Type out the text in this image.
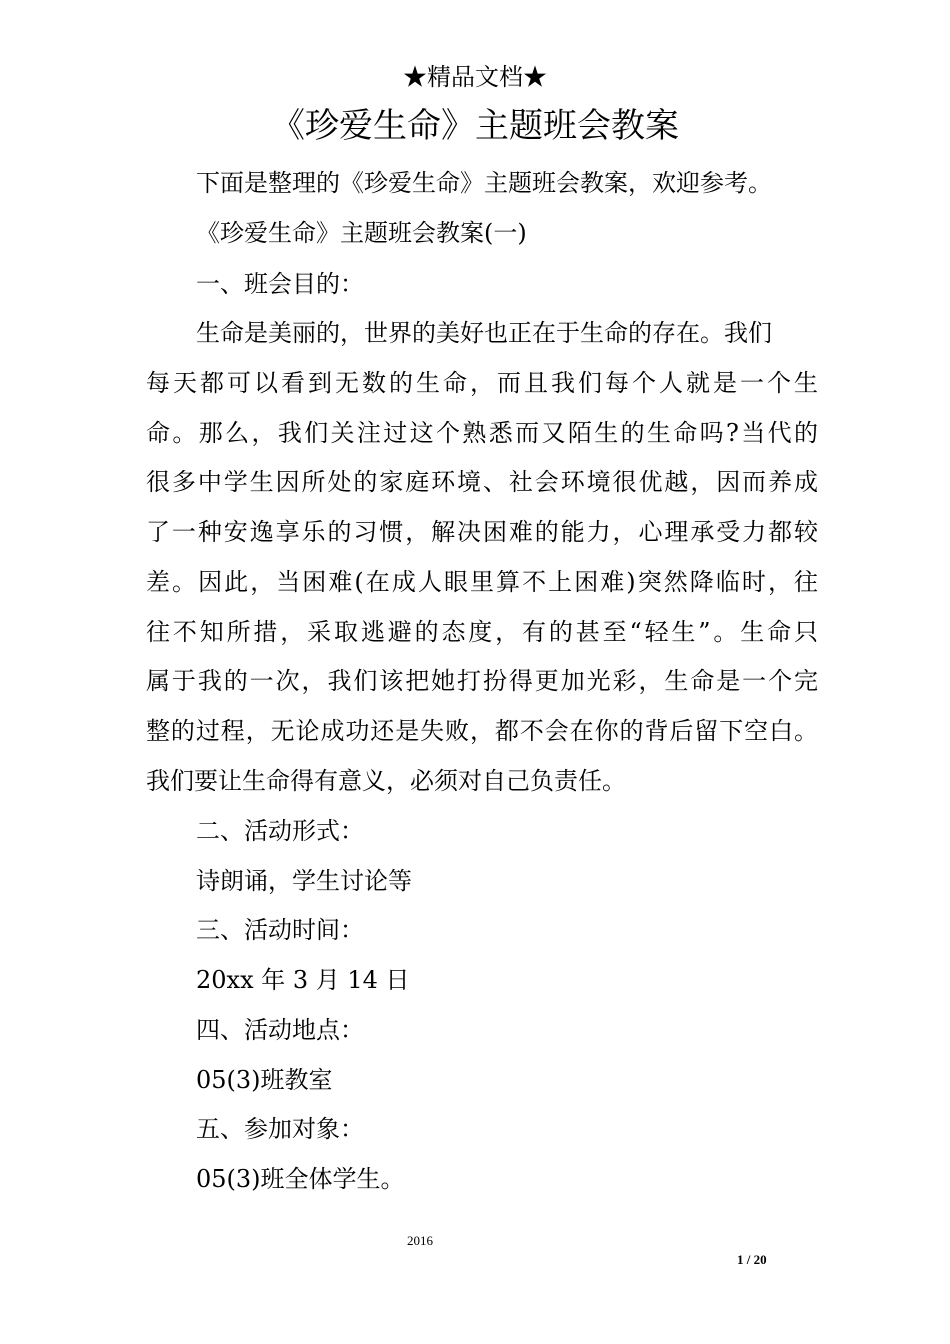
★精品文档★
《珍爱生命》主题班会教案
下面是整理的《珍爱生命》主题班会教案，欢迎参考。
《珍爱生命》主题班会教案(一)
一、班会目的：
生命是美丽的，世界的美好也正在于生命的存在。我们
每天都可以看到无数的生命，而且我们每个人就是一个生
命。那么，我们关注过这个熟悉而又陌生的生命吗?当代的
很多中学生因所处的家庭环境、社会环境很优越，因而养成
了一种安逸享乐的习惯，解决困难的能力，心理承受力都较
差。因此，当困难(在成人眼里算不上困难)突然降临时，往
往不知所措，采取逃避的态度，有的甚至“轻生”。生命只
属于我的一次，我们该把她打扮得更加光彩，生命是一个完
整的过程，无论成功还是失败，都不会在你的背后留下空白。
我们要让生命得有意义，必须对自己负责任。
二、活动形式：
诗朗诵，学生讨论等
三、活动时间：
20xx 年 3 月 14 日
四、活动地点：
05(3)班教室
五、参加对象：
05(3)班全体学生。
2016
1 / 20
